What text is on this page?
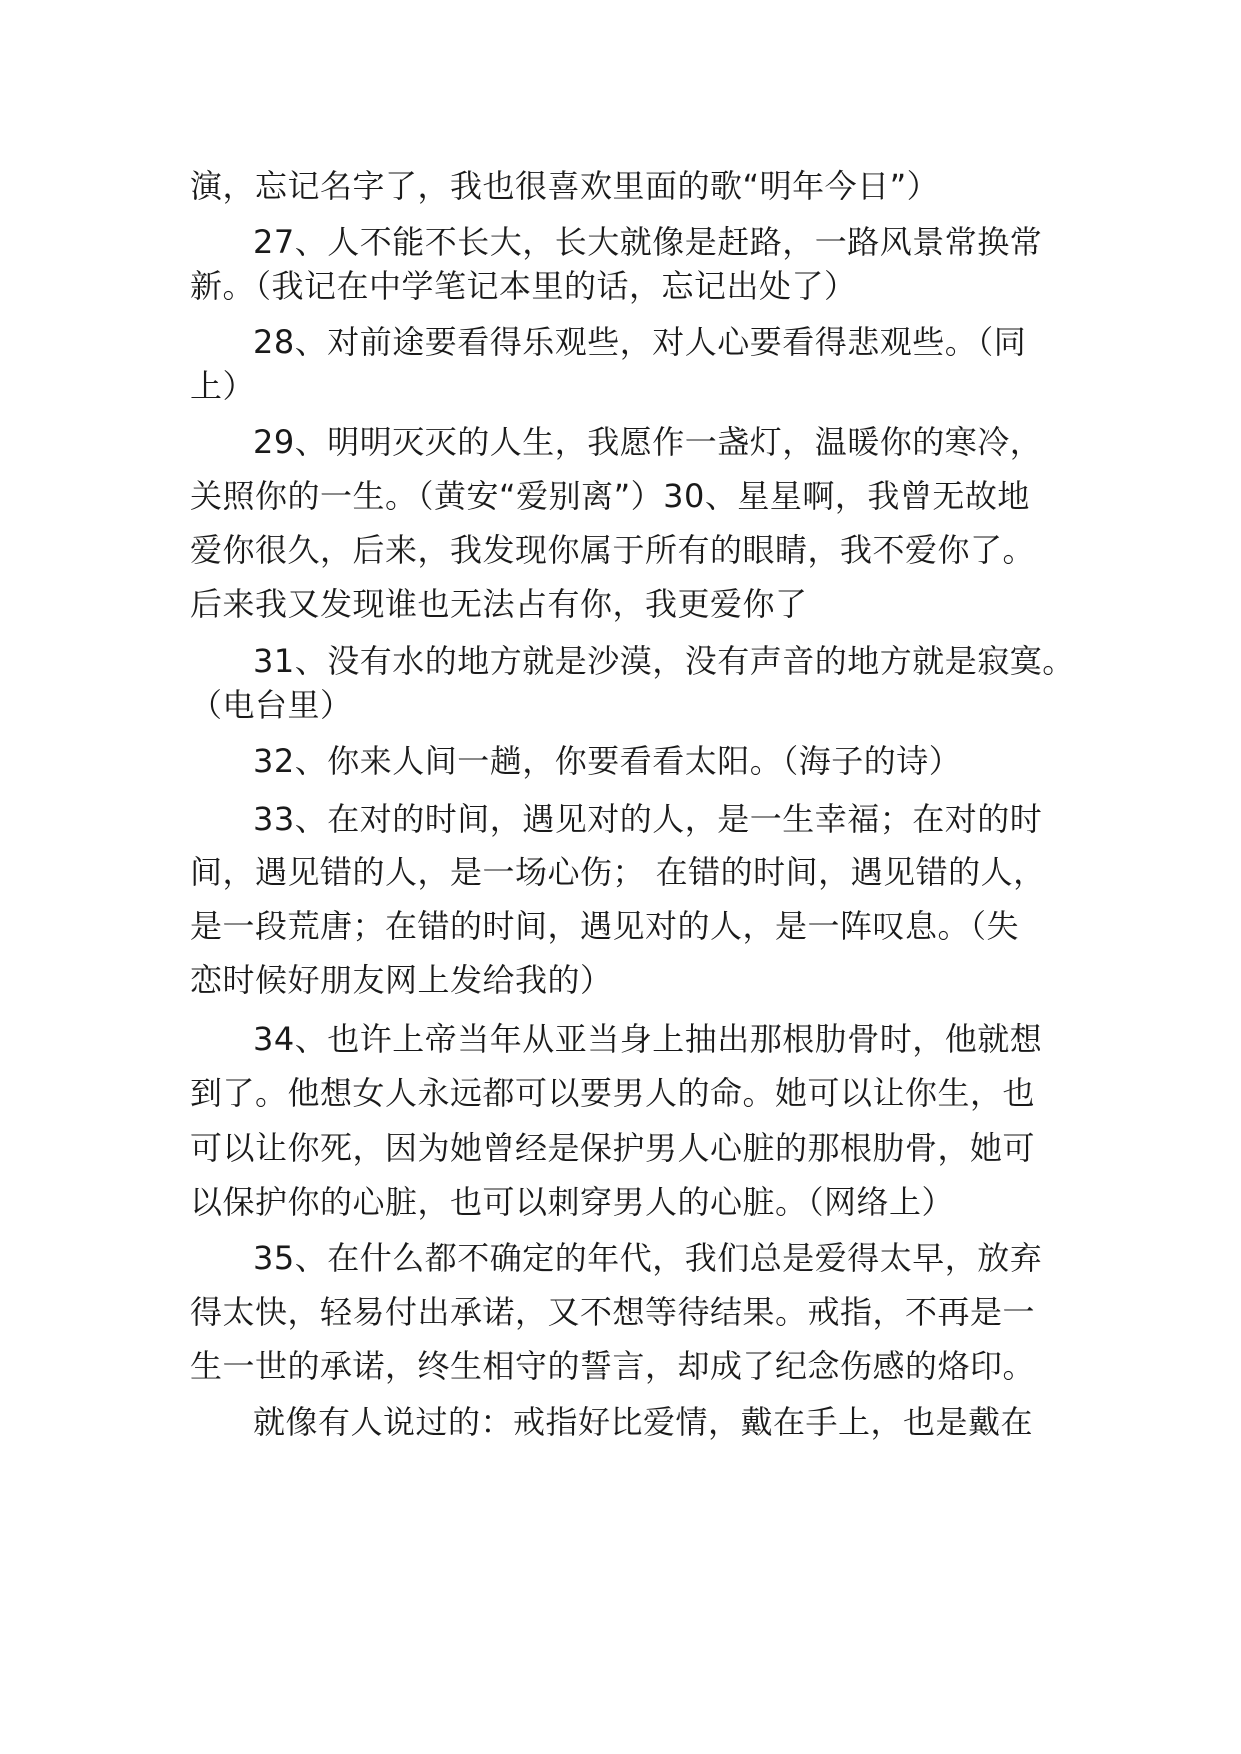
演，忘记名字了，我也很喜欢里面的歌“明年今日”）
27、人不能不长大，长大就像是赶路，一路风景常换常
新。（我记在中学笔记本里的话，忘记出处了）
28、对前途要看得乐观些，对人心要看得悲观些。（同
上）
29、明明灭灭的人生，我愿作一盏灯，温暖你的寒冷，
关照你的一生。（黄安“爱别离”）30、星星啊，我曾无故地
爱你很久，后来，我发现你属于所有的眼睛，我不爱你了。
后来我又发现谁也无法占有你，我更爱你了
31、没有水的地方就是沙漠，没有声音的地方就是寂寞。
（电台里）
32、你来人间一趟，你要看看太阳。（海子的诗）
33、在对的时间，遇见对的人，是一生幸福；在对的时
间，遇见错的人，是一场心伤； 在错的时间，遇见错的人，
是一段荒唐；在错的时间，遇见对的人，是一阵叹息。（失
恋时候好朋友网上发给我的）
34、也许上帝当年从亚当身上抽出那根肋骨时，他就想
到了。他想女人永远都可以要男人的命。她可以让你生，也
可以让你死，因为她曾经是保护男人心脏的那根肋骨，她可
以保护你的心脏，也可以刺穿男人的心脏。（网络上）
35、在什么都不确定的年代，我们总是爱得太早，放弃
得太快，轻易付出承诺，又不想等待结果。戒指，不再是一
生一世的承诺，终生相守的誓言，却成了纪念伤感的烙印。
就像有人说过的：戒指好比爱情，戴在手上，也是戴在
